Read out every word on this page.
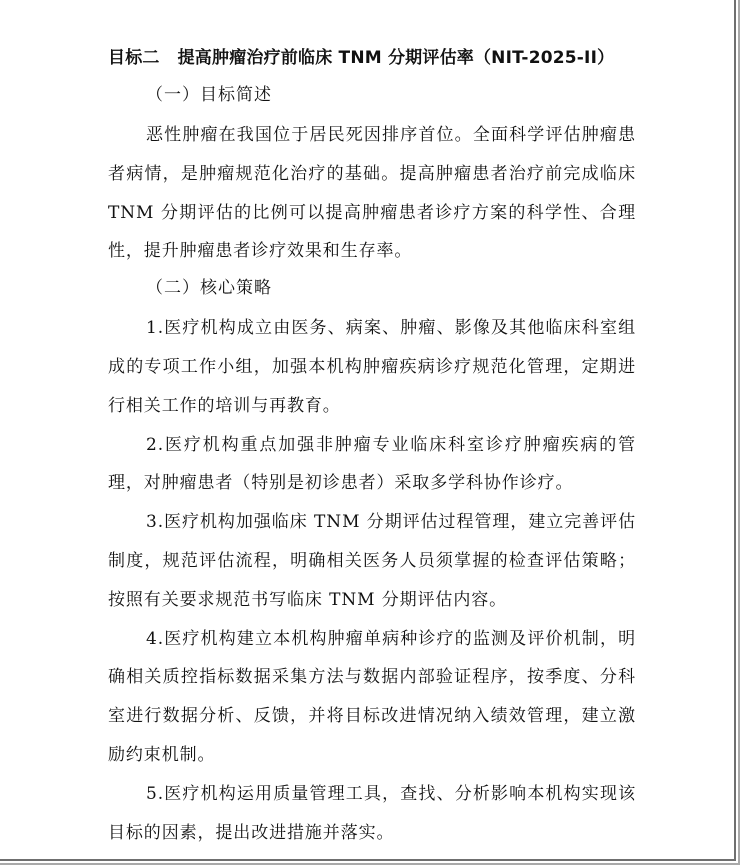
目标二 提高肿瘤治疗前临床 TNM 分期评估率（NIT-2025-II）

（一）目标简述

恶性肿瘤在我国位于居民死因排序首位。全面科学评估肿瘤患者病情，是肿瘤规范化治疗的基础。提高肿瘤患者治疗前完成临床 TNM 分期评估的比例可以提高肿瘤患者诊疗方案的科学性、合理性，提升肿瘤患者诊疗效果和生存率。

（二）核心策略

1.医疗机构成立由医务、病案、肿瘤、影像及其他临床科室组成的专项工作小组，加强本机构肿瘤疾病诊疗规范化管理，定期进行相关工作的培训与再教育。

2.医疗机构重点加强非肿瘤专业临床科室诊疗肿瘤疾病的管理，对肿瘤患者（特别是初诊患者）采取多学科协作诊疗。

3.医疗机构加强临床 TNM 分期评估过程管理，建立完善评估制度，规范评估流程，明确相关医务人员须掌握的检查评估策略；按照有关要求规范书写临床 TNM 分期评估内容。

4.医疗机构建立本机构肿瘤单病种诊疗的监测及评价机制，明确相关质控指标数据采集方法与数据内部验证程序，按季度、分科室进行数据分析、反馈，并将目标改进情况纳入绩效管理，建立激励约束机制。

5.医疗机构运用质量管理工具，查找、分析影响本机构实现该目标的因素，提出改进措施并落实。
